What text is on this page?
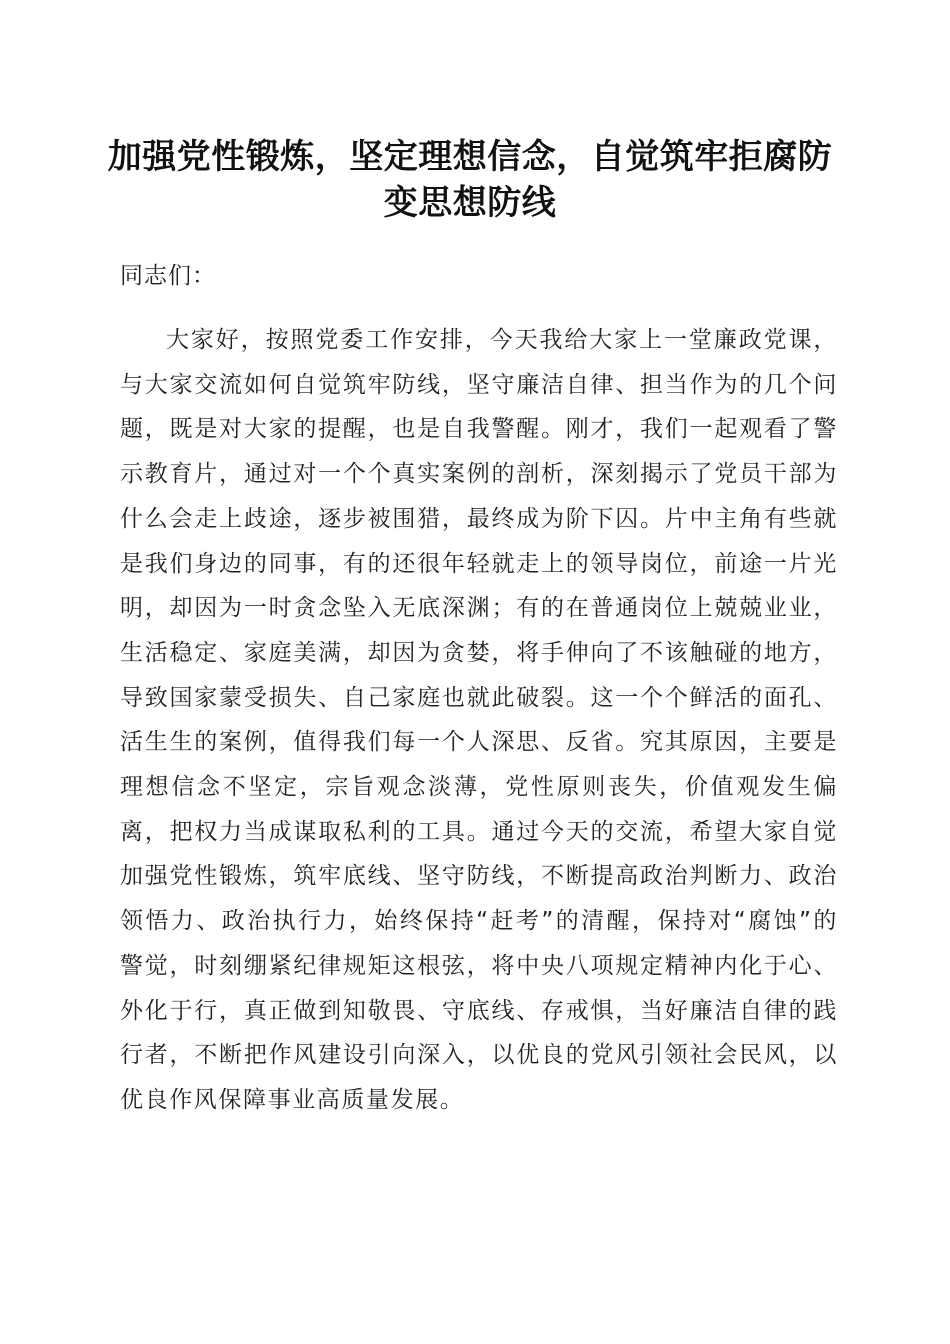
加强党性锻炼，坚定理想信念，自觉筑牢拒腐防变思想防线

同志们：

大家好，按照党委工作安排，今天我给大家上一堂廉政党课，与大家交流如何自觉筑牢防线，坚守廉洁自律、担当作为的几个问题，既是对大家的提醒，也是自我警醒。刚才，我们一起观看了警示教育片，通过对一个个真实案例的剖析，深刻揭示了党员干部为什么会走上歧途，逐步被围猎，最终成为阶下囚。片中主角有些就是我们身边的同事，有的还很年轻就走上的领导岗位，前途一片光明，却因为一时贪念坠入无底深渊；有的在普通岗位上兢兢业业，生活稳定、家庭美满，却因为贪婪，将手伸向了不该触碰的地方，导致国家蒙受损失、自己家庭也就此破裂。这一个个鲜活的面孔、活生生的案例，值得我们每一个人深思、反省。究其原因，主要是理想信念不坚定，宗旨观念淡薄，党性原则丧失，价值观发生偏离，把权力当成谋取私利的工具。通过今天的交流，希望大家自觉加强党性锻炼，筑牢底线、坚守防线，不断提高政治判断力、政治领悟力、政治执行力，始终保持“赶考”的清醒，保持对“腐蚀”的警觉，时刻绷紧纪律规矩这根弦，将中央八项规定精神内化于心、外化于行，真正做到知敬畏、守底线、存戒惧，当好廉洁自律的践行者，不断把作风建设引向深入，以优良的党风引领社会民风，以优良作风保障事业高质量发展。
